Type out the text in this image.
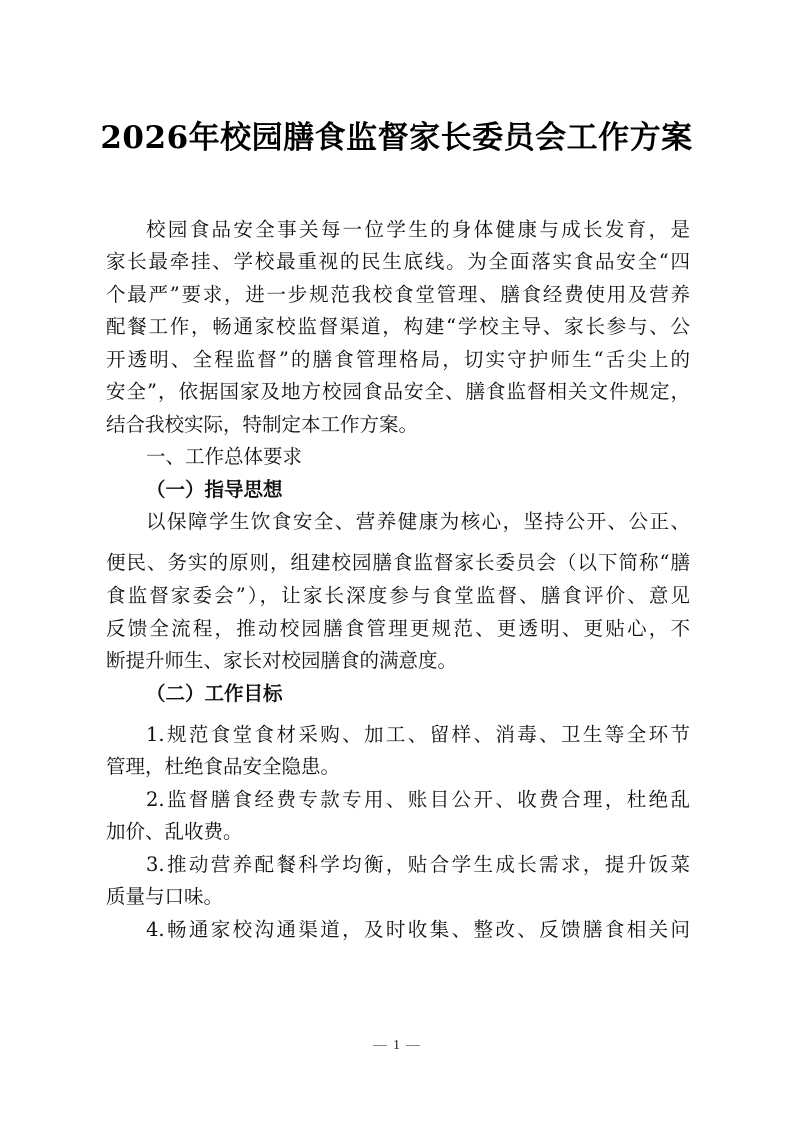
2026年校园膳食监督家长委员会工作方案
校园食品安全事关每一位学生的身体健康与成长发育，是
家长最牵挂、学校最重视的民生底线。为全面落实食品安全“四
个最严”要求，进一步规范我校食堂管理、膳食经费使用及营养
配餐工作，畅通家校监督渠道，构建“学校主导、家长参与、公
开透明、全程监督”的膳食管理格局，切实守护师生“舌尖上的
安全”，依据国家及地方校园食品安全、膳食监督相关文件规定，
结合我校实际，特制定本工作方案。
一、工作总体要求
（一）指导思想
以保障学生饮食安全、营养健康为核心，坚持公开、公正、
便民、务实的原则，组建校园膳食监督家长委员会（以下简称“膳
食监督家委会”），让家长深度参与食堂监督、膳食评价、意见
反馈全流程，推动校园膳食管理更规范、更透明、更贴心，不
断提升师生、家长对校园膳食的满意度。
（二）工作目标
1.规范食堂食材采购、加工、留样、消毒、卫生等全环节
管理，杜绝食品安全隐患。
2.监督膳食经费专款专用、账目公开、收费合理，杜绝乱
加价、乱收费。
3.推动营养配餐科学均衡，贴合学生成长需求，提升饭菜
质量与口味。
4.畅通家校沟通渠道，及时收集、整改、反馈膳食相关问
1
